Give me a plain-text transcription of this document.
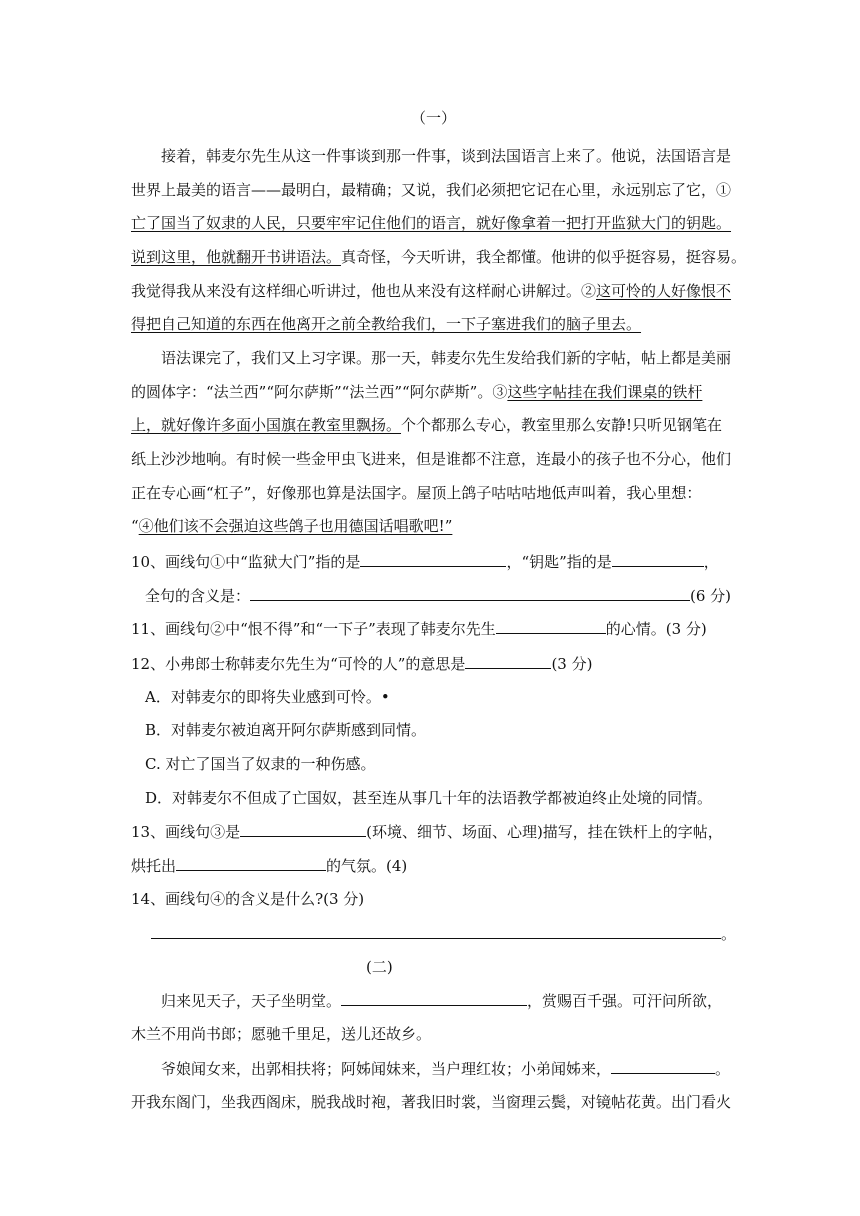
（一）
接着，韩麦尔先生从这一件事谈到那一件事，谈到法国语言上来了。他说，法国语言是
世界上最美的语言——最明白，最精确；又说，我们必须把它记在心里，永远别忘了它，①
亡了国当了奴隶的人民，只要牢牢记住他们的语言，就好像拿着一把打开监狱大门的钥匙。
说到这里，他就翻开书讲语法。真奇怪，今天听讲，我全都懂。他讲的似乎挺容易，挺容易。
我觉得我从来没有这样细心听讲过，他也从来没有这样耐心讲解过。②这可怜的人好像恨不
得把自己知道的东西在他离开之前全教给我们，一下子塞进我们的脑子里去。
语法课完了，我们又上习字课。那一天，韩麦尔先生发给我们新的字帖，帖上都是美丽
的圆体字：“法兰西”“阿尔萨斯”“法兰西”“阿尔萨斯”。③这些字帖挂在我们课桌的铁杆
上，就好像许多面小国旗在教室里飘扬。个个都那么专心，教室里那么安静!只听见钢笔在
纸上沙沙地响。有时候一些金甲虫飞进来，但是谁都不注意，连最小的孩子也不分心，他们
正在专心画“杠子”，好像那也算是法国字。屋顶上鸽子咕咕咕地低声叫着，我心里想：
“④他们该不会强迫这些鸽子也用德国话唱歌吧!”
10、画线句①中“监狱大门”指的是	，“钥匙”指的是	，
全句的含义是：	(6 分)
11、画线句②中“恨不得”和“一下子”表现了韩麦尔先生	的心情。(3 分)
12、小弗郎士称韩麦尔先生为“可怜的人”的意思是	(3 分)
A．对韩麦尔的即将失业感到可怜。•
B．对韩麦尔被迫离开阿尔萨斯感到同情。
C. 对亡了国当了奴隶的一种伤感。
D．对韩麦尔不但成了亡国奴，甚至连从事几十年的法语教学都被迫终止处境的同情。
13、画线句③是	(环境、细节、场面、心理)描写，挂在铁杆上的字帖，
烘托出	的气氛。(4)
14、画线句④的含义是什么?(3 分)
。
(二)
归来见天子，天子坐明堂。	，赏赐百千强。可汗问所欲，
木兰不用尚书郎；愿驰千里足，送儿还故乡。
爷娘闻女来，出郭相扶将；阿姊闻妹来，当户理红妆；小弟闻姊来，	。
开我东阁门，坐我西阁床，脱我战时袍，著我旧时裳，当窗理云鬓，对镜帖花黄。出门看火
